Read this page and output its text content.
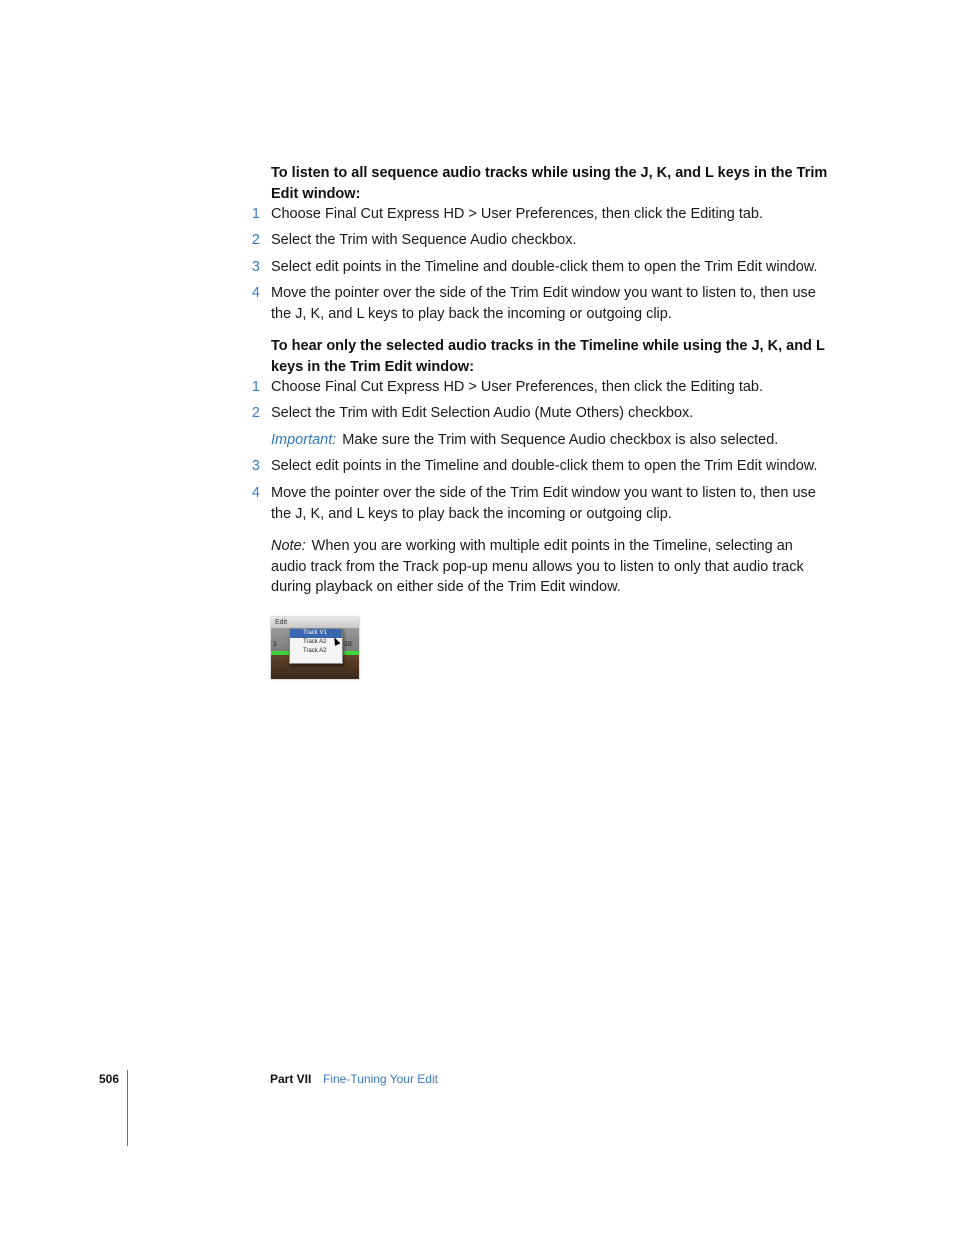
To listen to all sequence audio tracks while using the J, K, and L keys in the Trim Edit window:
1 Choose Final Cut Express HD > User Preferences, then click the Editing tab.
2 Select the Trim with Sequence Audio checkbox.
3 Select edit points in the Timeline and double-click them to open the Trim Edit window.
4 Move the pointer over the side of the Trim Edit window you want to listen to, then use the J, K, and L keys to play back the incoming or outgoing clip.
To hear only the selected audio tracks in the Timeline while using the J, K, and L keys in the Trim Edit window:
1 Choose Final Cut Express HD > User Preferences, then click the Editing tab.
2 Select the Trim with Edit Selection Audio (Mute Others) checkbox.
Important: Make sure the Trim with Sequence Audio checkbox is also selected.
3 Select edit points in the Timeline and double-click them to open the Trim Edit window.
4 Move the pointer over the side of the Trim Edit window you want to listen to, then use the J, K, and L keys to play back the incoming or outgoing clip.
Note: When you are working with multiple edit points in the Timeline, selecting an audio track from the Track pop-up menu allows you to listen to only that audio track during playback on either side of the Trim Edit window.
Edit
1	18
Track V1
Track A2
Track A2
506	Part VII Fine-Tuning Your Edit
